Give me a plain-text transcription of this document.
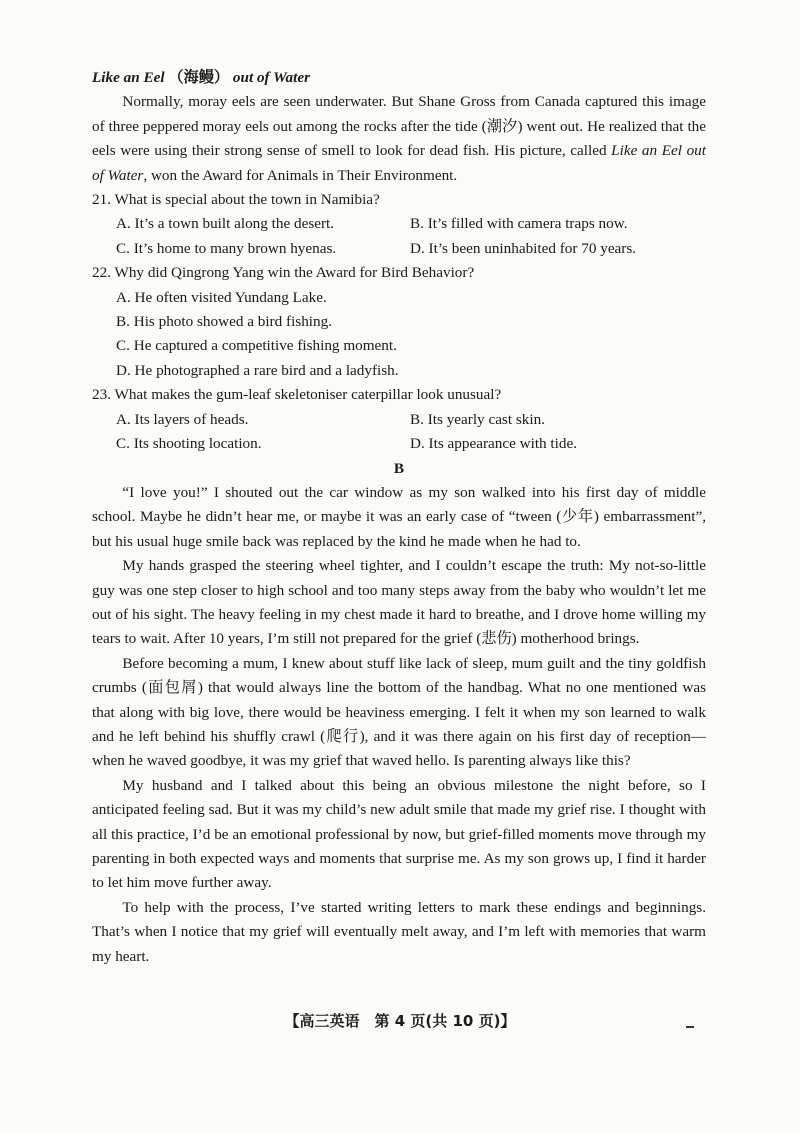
Like an Eel （海鳗） out of Water

Normally, moray eels are seen underwater. But Shane Gross from Canada captured this image of three peppered moray eels out among the rocks after the tide (潮汐) went out. He realized that the eels were using their strong sense of smell to look for dead fish. His picture, called Like an Eel out of Water, won the Award for Animals in Their Environment.

21. What is special about the town in Namibia?
A. It’s a town built along the desert.	B. It’s filled with camera traps now.
C. It’s home to many brown hyenas.	D. It’s been uninhabited for 70 years.
22. Why did Qingrong Yang win the Award for Bird Behavior?
A. He often visited Yundang Lake.
B. His photo showed a bird fishing.
C. He captured a competitive fishing moment.
D. He photographed a rare bird and a ladyfish.
23. What makes the gum-leaf skeletoniser caterpillar look unusual?
A. Its layers of heads.	B. Its yearly cast skin.
C. Its shooting location.	D. Its appearance with tide.
B

“I love you!” I shouted out the car window as my son walked into his first day of middle school. Maybe he didn’t hear me, or maybe it was an early case of “tween (少年) embarrassment”, but his usual huge smile back was replaced by the kind he made when he had to.

My hands grasped the steering wheel tighter, and I couldn’t escape the truth: My not-so-little guy was one step closer to high school and too many steps away from the baby who wouldn’t let me out of his sight. The heavy feeling in my chest made it hard to breathe, and I drove home willing my tears to wait. After 10 years, I’m still not prepared for the grief (悲伤) motherhood brings.

Before becoming a mum, I knew about stuff like lack of sleep, mum guilt and the tiny goldfish crumbs (面包屑) that would always line the bottom of the handbag. What no one mentioned was that along with big love, there would be heaviness emerging. I felt it when my son learned to walk and he left behind his shuffly crawl (爬行), and it was there again on his first day of reception—when he waved goodbye, it was my grief that waved hello. Is parenting always like this?

My husband and I talked about this being an obvious milestone the night before, so I anticipated feeling sad. But it was my child’s new adult smile that made my grief rise. I thought with all this practice, I’d be an emotional professional by now, but grief-filled moments move through my parenting in both expected ways and moments that surprise me. As my son grows up, I find it harder to let him move further away.

To help with the process, I’ve started writing letters to mark these endings and beginnings. That’s when I notice that my grief will eventually melt away, and I’m left with memories that warm my heart.

【高三英语　第 4 页(共 10 页)】
